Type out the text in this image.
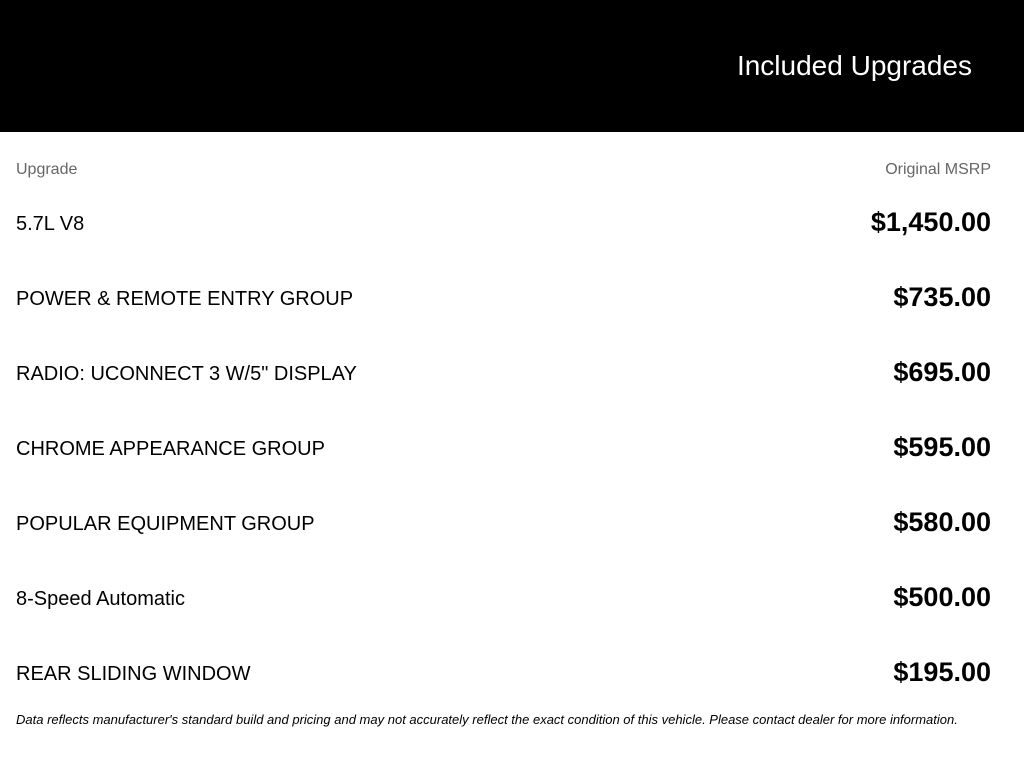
Included Upgrades
Upgrade	Original MSRP
5.7L V8	$1,450.00
POWER & REMOTE ENTRY GROUP	$735.00
RADIO: UCONNECT 3 W/5" DISPLAY	$695.00
CHROME APPEARANCE GROUP	$595.00
POPULAR EQUIPMENT GROUP	$580.00
8-Speed Automatic	$500.00
REAR SLIDING WINDOW	$195.00
Data reflects manufacturer's standard build and pricing and may not accurately reflect the exact condition of this vehicle. Please contact dealer for more information.
